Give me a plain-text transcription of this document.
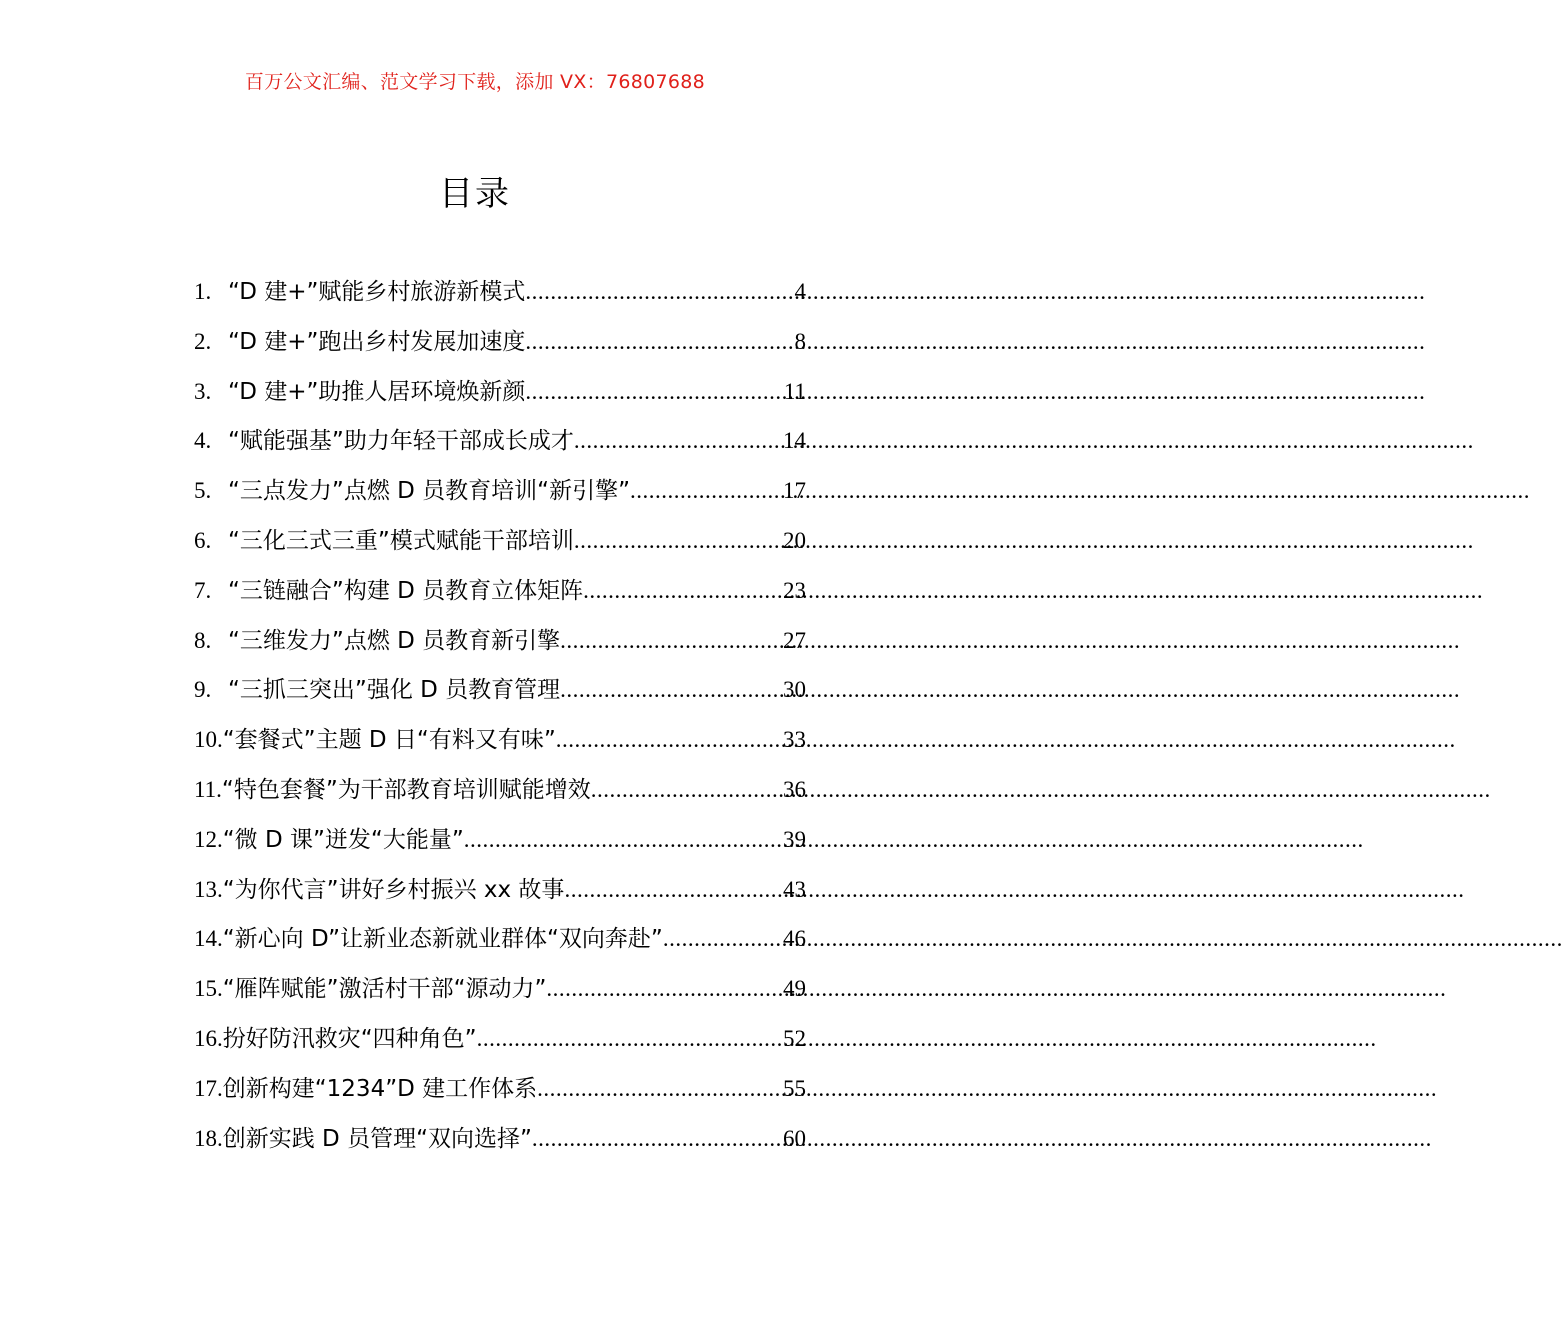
百万公文汇编、范文学习下载，添加 VX：76807688
目录
1. “D 建+”赋能乡村旅游新模式 .....	4
2. “D 建+”跑出乡村发展加速度 .....	8
3. “D 建+”助推人居环境焕新颜 .....	11
4. “赋能强基”助力年轻干部成长成才 .....	14
5. “三点发力”点燃 D 员教育培训“新引擎” .....	17
6. “三化三式三重”模式赋能干部培训 .....	20
7. “三链融合”构建 D 员教育立体矩阵 .....	23
8. “三维发力”点燃 D 员教育新引擎 .....	27
9. “三抓三突出”强化 D 员教育管理 .....	30
10. “套餐式”主题 D 日“有料又有味” .....	33
11. “特色套餐”为干部教育培训赋能增效 .....	36
12. “微 D 课”迸发“大能量” .....	39
13. “为你代言”讲好乡村振兴 xx 故事 .....	43
14. “新心向 D”让新业态新就业群体“双向奔赴” .....	46
15. “雁阵赋能”激活村干部“源动力” .....	49
16. 扮好防汛救灾“四种角色” .....	52
17. 创新构建“1234”D 建工作体系 .....	55
18. 创新实践 D 员管理“双向选择” .....	60
